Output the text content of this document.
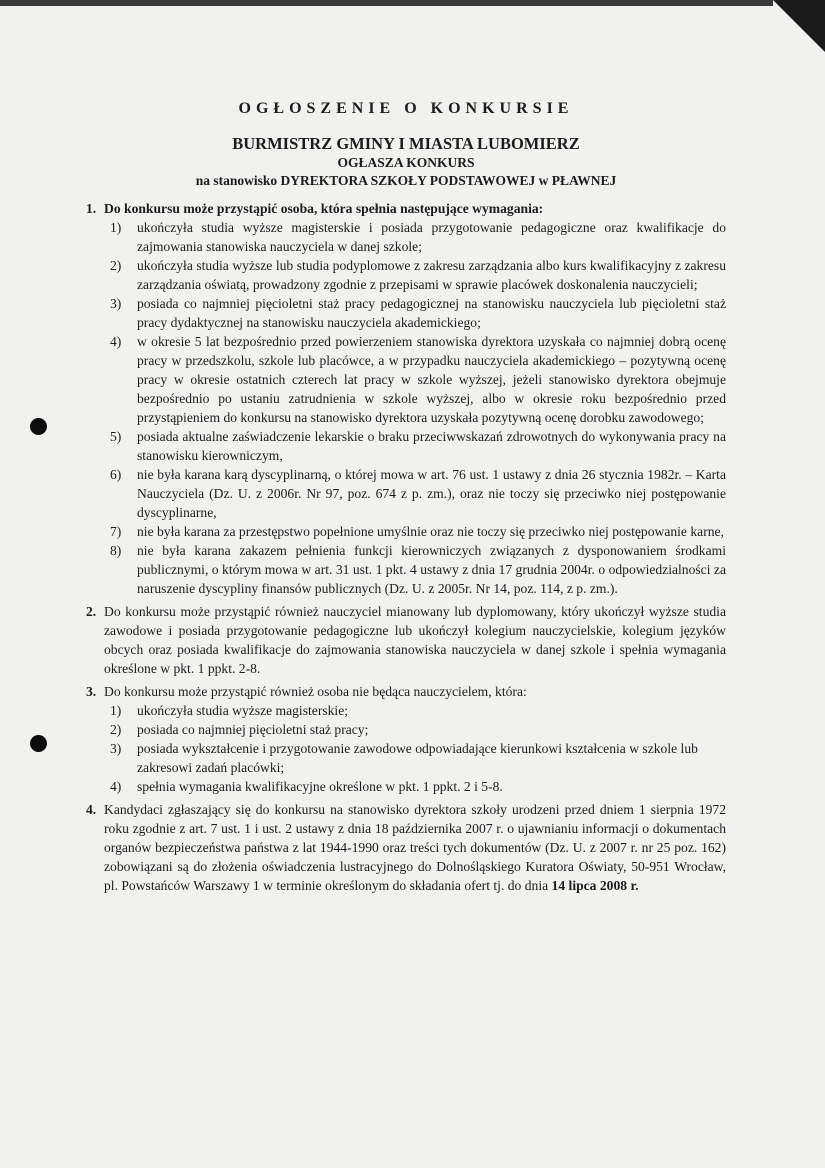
OGŁOSZENIE O KONKURSIE
BURMISTRZ GMINY I MIASTA LUBOMIERZ
OGŁASZA KONKURS
na stanowisko DYREKTORA SZKOŁY PODSTAWOWEJ w PŁAWNEJ
1. Do konkursu może przystąpić osoba, która spełnia następujące wymagania:
1)	ukończyła studia wyższe magisterskie i posiada przygotowanie pedagogiczne oraz kwalifikacje do zajmowania stanowiska nauczyciela w danej szkole;
2)	ukończyła studia wyższe lub studia podyplomowe z zakresu zarządzania albo kurs kwalifikacyjny z zakresu zarządzania oświatą, prowadzony zgodnie z przepisami w sprawie placówek doskonalenia nauczycieli;
3)	posiada co najmniej pięcioletni staż pracy pedagogicznej na stanowisku nauczyciela lub pięcioletni staż pracy dydaktycznej na stanowisku nauczyciela akademickiego;
4)	w okresie 5 lat bezpośrednio przed powierzeniem stanowiska dyrektora uzyskała co najmniej dobrą ocenę pracy w przedszkolu, szkole lub placówce, a w przypadku nauczyciela akademickiego – pozytywną ocenę pracy w okresie ostatnich czterech lat pracy w szkole wyższej, jeżeli stanowisko dyrektora obejmuje bezpośrednio po ustaniu zatrudnienia w szkole wyższej, albo w okresie roku bezpośrednio przed przystąpieniem do konkursu na stanowisko dyrektora uzyskała pozytywną ocenę dorobku zawodowego;
5)	posiada aktualne zaświadczenie lekarskie o braku przeciwwskazań zdrowotnych do wykonywania pracy na stanowisku kierowniczym,
6)	nie była karana karą dyscyplinarną, o której mowa w art. 76 ust. 1 ustawy z dnia 26 stycznia 1982r. – Karta Nauczyciela (Dz. U. z 2006r. Nr 97, poz. 674 z p. zm.), oraz nie toczy się przeciwko niej postępowanie dyscyplinarne,
7)	nie była karana za przestępstwo popełnione umyślnie oraz nie toczy się przeciwko niej postępowanie karne,
8)	nie była karana zakazem pełnienia funkcji kierowniczych związanych z dysponowaniem środkami publicznymi, o którym mowa w art. 31 ust. 1 pkt. 4 ustawy z dnia 17 grudnia 2004r. o odpowiedzialności za naruszenie dyscypliny finansów publicznych (Dz. U. z 2005r. Nr 14, poz. 114, z p. zm.).
2. Do konkursu może przystąpić również nauczyciel mianowany lub dyplomowany, który ukończył wyższe studia zawodowe i posiada przygotowanie pedagogiczne lub ukończył kolegium nauczycielskie, kolegium języków obcych oraz posiada kwalifikacje do zajmowania stanowiska nauczyciela w danej szkole i spełnia wymagania określone w pkt. 1 ppkt. 2-8.
3. Do konkursu może przystąpić również osoba nie będąca nauczycielem, która:
1)	ukończyła studia wyższe magisterskie;
2)	posiada co najmniej pięcioletni staż pracy;
3)	posiada wykształcenie i przygotowanie zawodowe odpowiadające kierunkowi kształcenia w szkole lub zakresowi zadań placówki;
4)	spełnia wymagania kwalifikacyjne określone w pkt. 1 ppkt. 2 i 5-8.
4. Kandydaci zgłaszający się do konkursu na stanowisko dyrektora szkoły urodzeni przed dniem 1 sierpnia 1972 roku zgodnie z art. 7 ust. 1 i ust. 2 ustawy z dnia 18 października 2007 r. o ujawnianiu informacji o dokumentach organów bezpieczeństwa państwa z lat 1944-1990 oraz treści tych dokumentów (Dz. U. z 2007 r. nr 25 poz. 162) zobowiązani są do złożenia oświadczenia lustracyjnego do Dolnośląskiego Kuratora Oświaty, 50-951 Wrocław, pl. Powstańców Warszawy 1 w terminie określonym do składania ofert tj. do dnia 14 lipca 2008 r.
